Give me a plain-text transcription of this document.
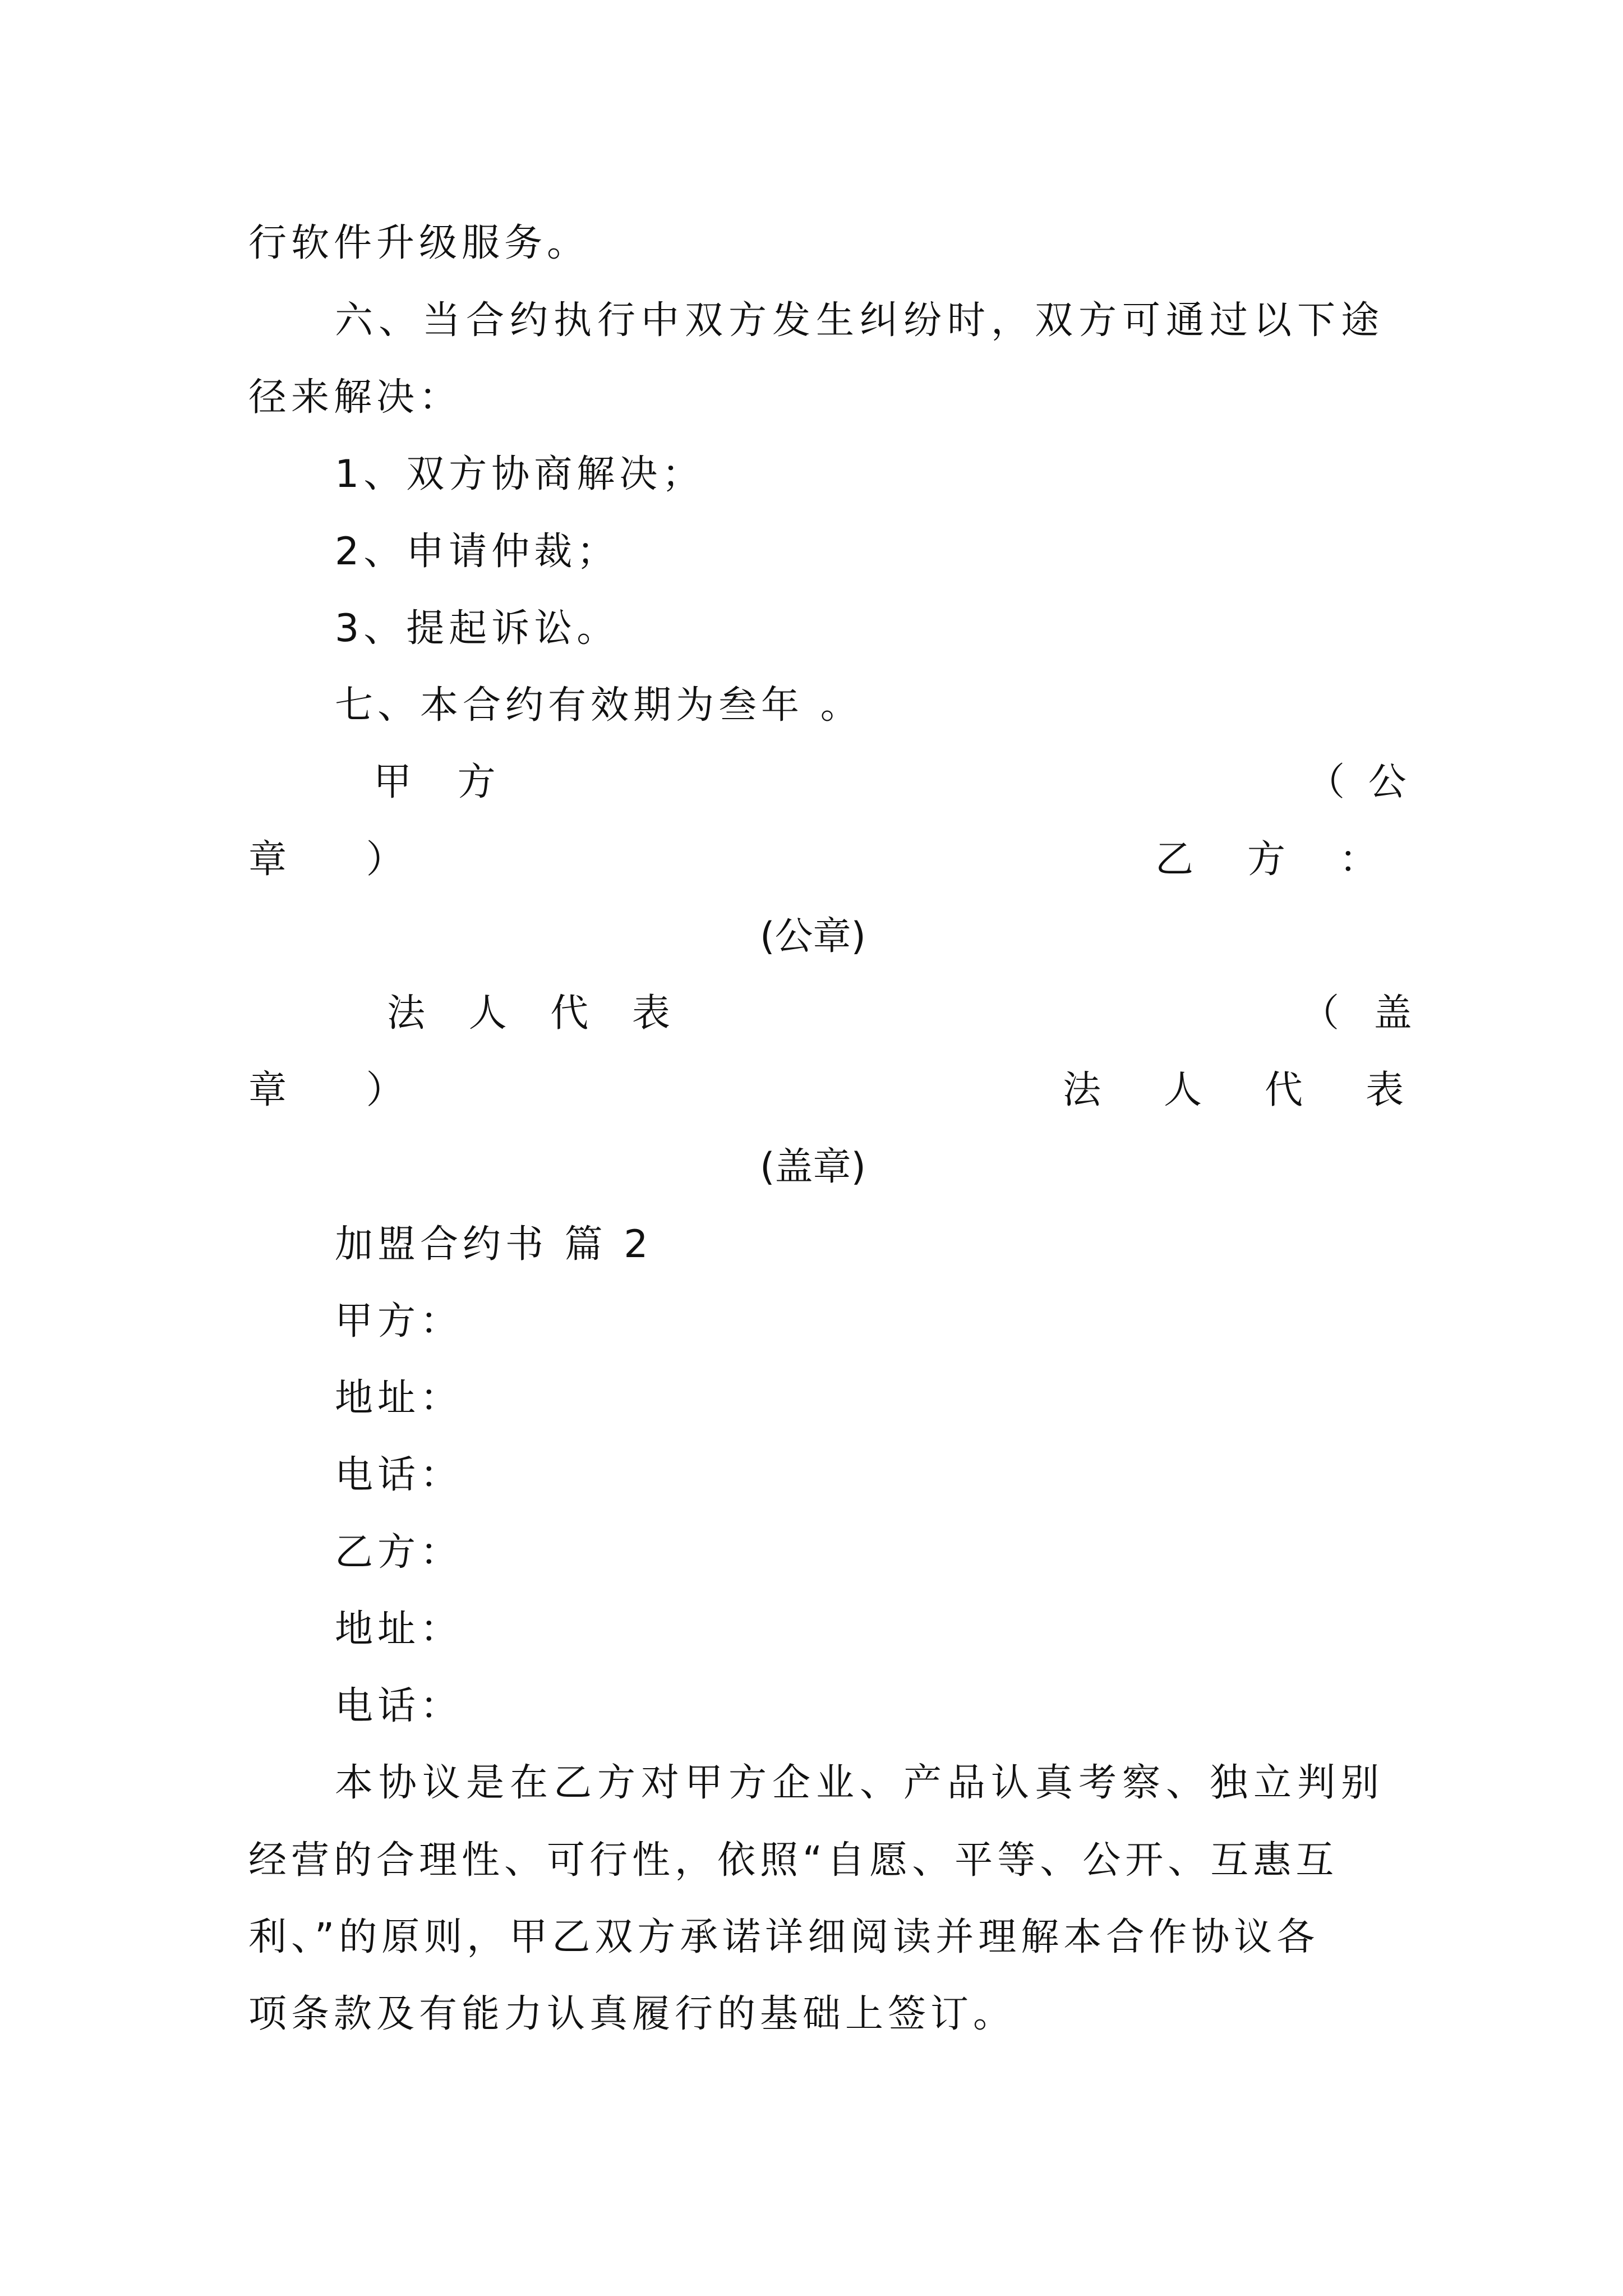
行软件升级服务。
六、当合约执行中双方发生纠纷时，双方可通过以下途
径来解决：
1、双方协商解决；
2、申请仲裁；
3、提起诉讼。
七、本合约有效期为叁年 。
甲 方	（ 公
章 ）	乙　方　：
(公章)
法 人 代 表	（ 盖
章 ）	法　人　代　表
(盖章)
加盟合约书 篇 2
甲方：
地址：
电话：
乙方：
地址：
电话：
本协议是在乙方对甲方企业、产品认真考察、独立判别
经营的合理性、可行性，依照“自愿、平等、公开、互惠互
利、”的原则，甲乙双方承诺详细阅读并理解本合作协议各
项条款及有能力认真履行的基础上签订。
